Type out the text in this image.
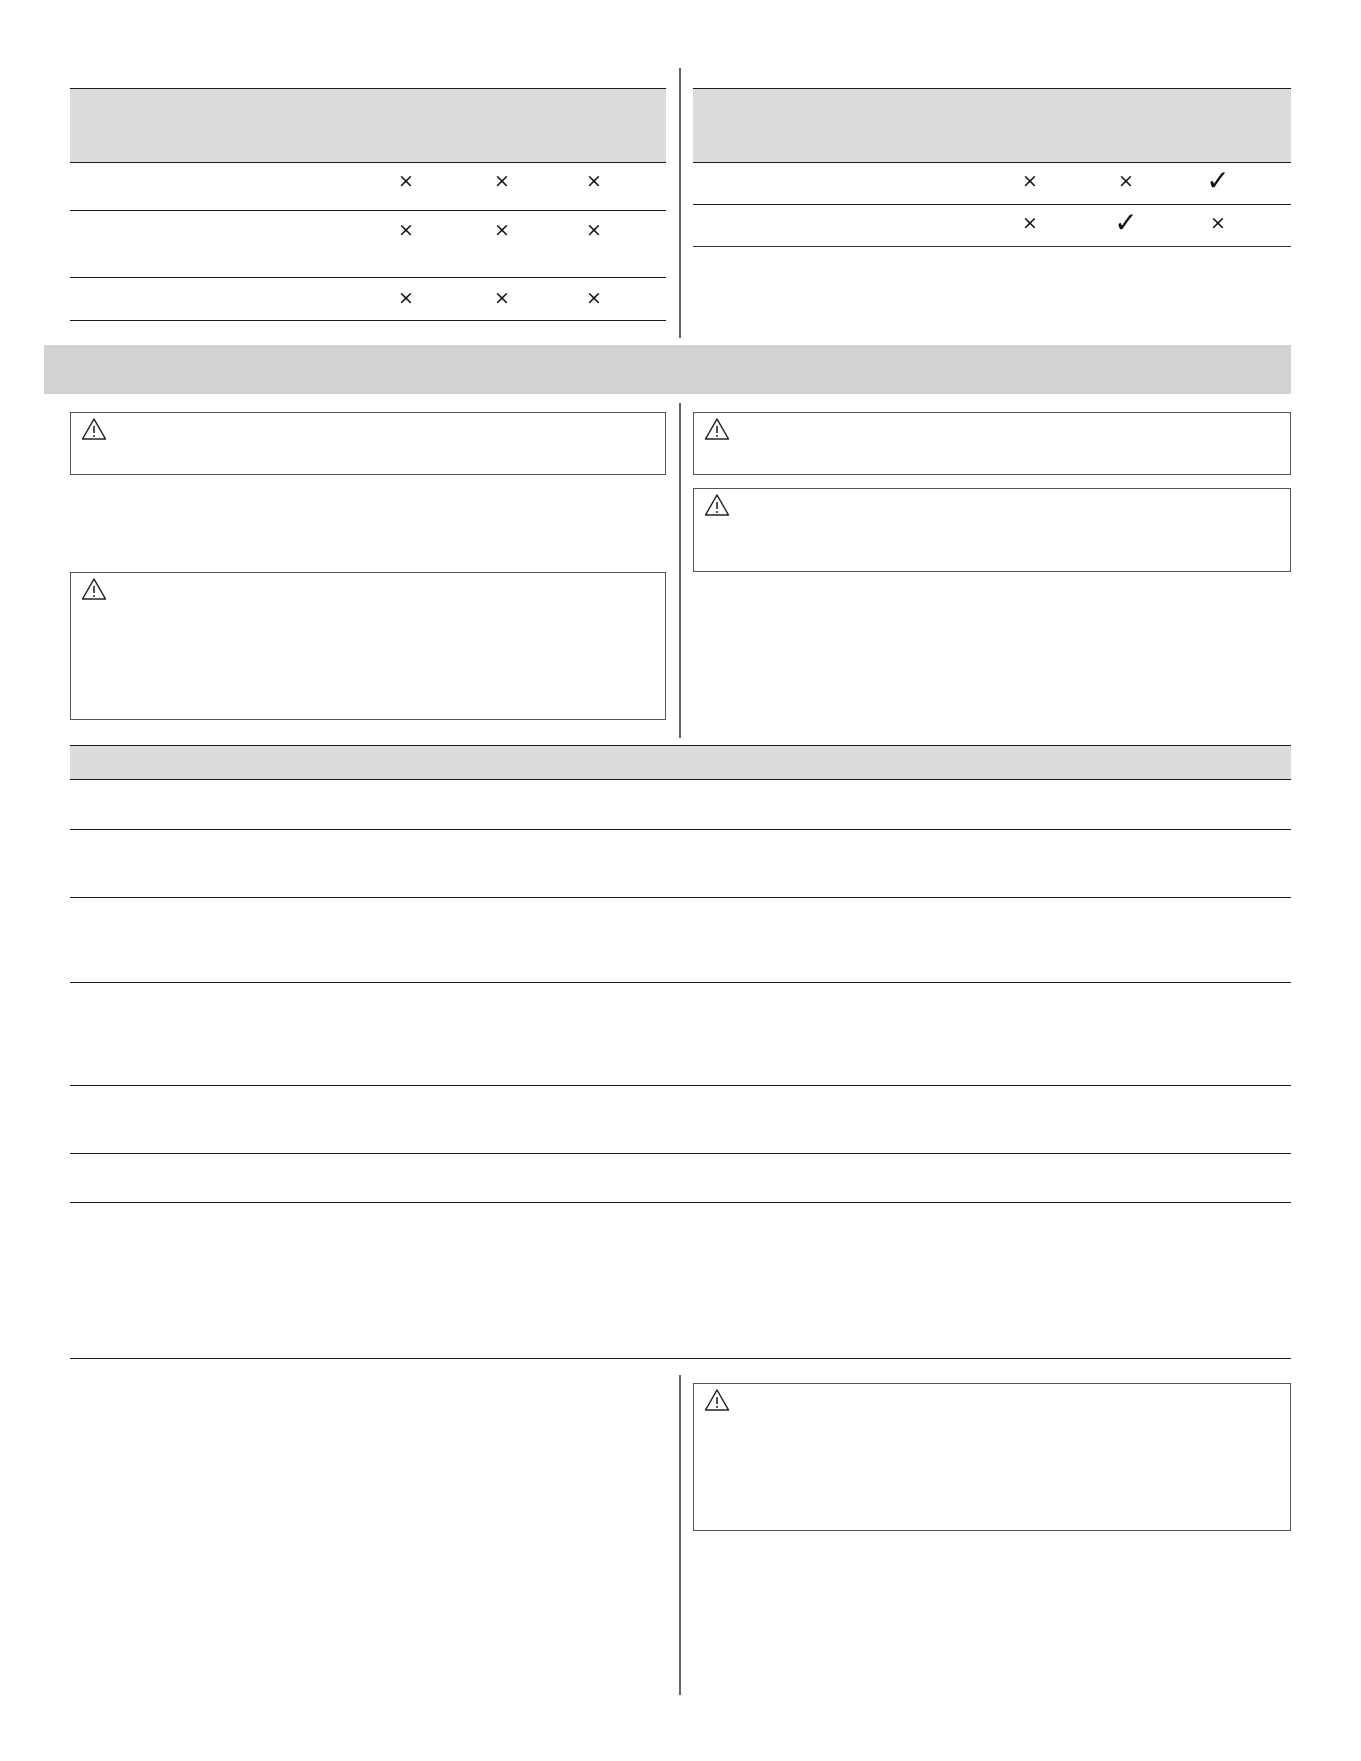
×	×	×
×	×	×
×	×	×
×	×	✓
×	✓	×
